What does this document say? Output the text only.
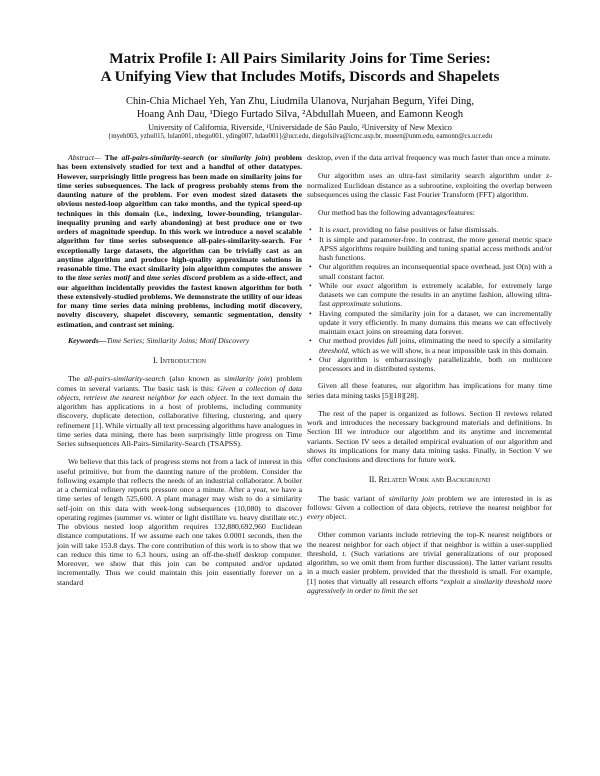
Matrix Profile I: All Pairs Similarity Joins for Time Series:
A Unifying View that Includes Motifs, Discords and Shapelets
Chin-Chia Michael Yeh, Yan Zhu, Liudmila Ulanova, Nurjahan Begum, Yifei Ding,
Hoang Anh Dau, ¹Diego Furtado Silva, ²Abdullah Mueen, and Eamonn Keogh
University of California, Riverside, ¹Universidade de São Paulo, ²University of New Mexico
{myeh003, yzhu015, lulan001, nbegu001, yding007, hdau001}@ucr.edu, diegofsilva@icmc.usp.br, mueen@unm.edu, eamonn@cs.ucr.edu

Abstract— The all-pairs-similarity-search (or similarity join) problem has been extensively studied for text and a handful of other datatypes. However, surprisingly little progress has been made on similarity joins for time series subsequences. The lack of progress probably stems from the daunting nature of the problem. For even modest sized datasets the obvious nested-loop algorithm can take months, and the typical speed-up techniques in this domain (i.e., indexing, lower-bounding, triangular-inequality pruning and early abandoning) at best produce one or two orders of magnitude speedup. In this work we introduce a novel scalable algorithm for time series subsequence all-pairs-similarity-search. For exceptionally large datasets, the algorithm can be trivially cast as an anytime algorithm and produce high-quality approximate solutions in reasonable time. The exact similarity join algorithm computes the answer to the time series motif and time series discord problem as a side-effect, and our algorithm incidentally provides the fastest known algorithm for both these extensively-studied problems. We demonstrate the utility of our ideas for many time series data mining problems, including motif discovery, novelty discovery, shapelet discovery, semantic segmentation, density estimation, and contrast set mining.

Keywords—Time Series; Similarity Joins; Motif Discovery

I. Introduction

The all-pairs-similarity-search (also known as similarity join) problem comes in several variants. The basic task is this: Given a collection of data objects, retrieve the nearest neighbor for each object. In the text domain the algorithm has applications in a host of problems, including community discovery, duplicate detection, collaborative filtering, clustering, and query refinement [1]. While virtually all text processing algorithms have analogues in time series data mining, there has been surprisingly little progress on Time Series subsequences All-Pairs-Similarity-Search (TSAPSS).

We believe that this lack of progress stems not from a lack of interest in this useful primitive, but from the daunting nature of the problem. Consider the following example that reflects the needs of an industrial collaborator. A boiler at a chemical refinery reports pressure once a minute. After a year, we have a time series of length 525,600. A plant manager may wish to do a similarity self-join on this data with week-long subsequences (10,080) to discover operating regimes (summer vs. winter or light distillate vs. heavy distillate etc.) The obvious nested loop algorithm requires 132,880,692,960 Euclidean distance computations. If we assume each one takes 0.0001 seconds, then the join will take 153.8 days. The core contribution of this work is to show that we can reduce this time to 6.3 hours, using an off-the-shelf desktop computer. Moreover, we show that this join can be computed and/or updated incrementally. Thus we could maintain this join essentially forever on a standard

desktop, even if the data arrival frequency was much faster than once a minute.

Our algorithm uses an ultra-fast similarity search algorithm under z-normalized Euclidean distance as a subroutine, exploiting the overlap between subsequences using the classic Fast Fourier Transform (FFT) algorithm.

Our method has the following advantages/features:

• It is exact, providing no false positives or false dismissals.
• It is simple and parameter-free. In contrast, the more general metric space APSS algorithms require building and tuning spatial access methods and/or hash functions.
• Our algorithm requires an inconsequential space overhead, just O(n) with a small constant factor.
• While our exact algorithm is extremely scalable, for extremely large datasets we can compute the results in an anytime fashion, allowing ultra-fast approximate solutions.
• Having computed the similarity join for a dataset, we can incrementally update it very efficiently. In many domains this means we can effectively maintain exact joins on streaming data forever.
• Our method provides full joins, eliminating the need to specify a similarity threshold, which as we will show, is a near impossible task in this domain.
• Our algorithm is embarrassingly parallelizable, both on multicore processors and in distributed systems.

Given all these features, our algorithm has implications for many time series data mining tasks [5][18][28].

The rest of the paper is organized as follows. Section II reviews related work and introduces the necessary background materials and definitions. In Section III we introduce our algorithm and its anytime and incremental variants. Section IV sees a detailed empirical evaluation of our algorithm and shows its implications for many data mining tasks. Finally, in Section V we offer conclusions and directions for future work.

II. Related Work and Background

The basic variant of similarity join problem we are interested in is as follows: Given a collection of data objects, retrieve the nearest neighbor for every object.

Other common variants include retrieving the top-K nearest neighbors or the nearest neighbor for each object if that neighbor is within a user-supplied threshold, t. (Such variations are trivial generalizations of our proposed algorithm, so we omit them from further discussion). The latter variant results in a much easier problem, provided that the threshold is small. For example, [1] notes that virtually all research efforts “exploit a similarity threshold more aggressively in order to limit the set
